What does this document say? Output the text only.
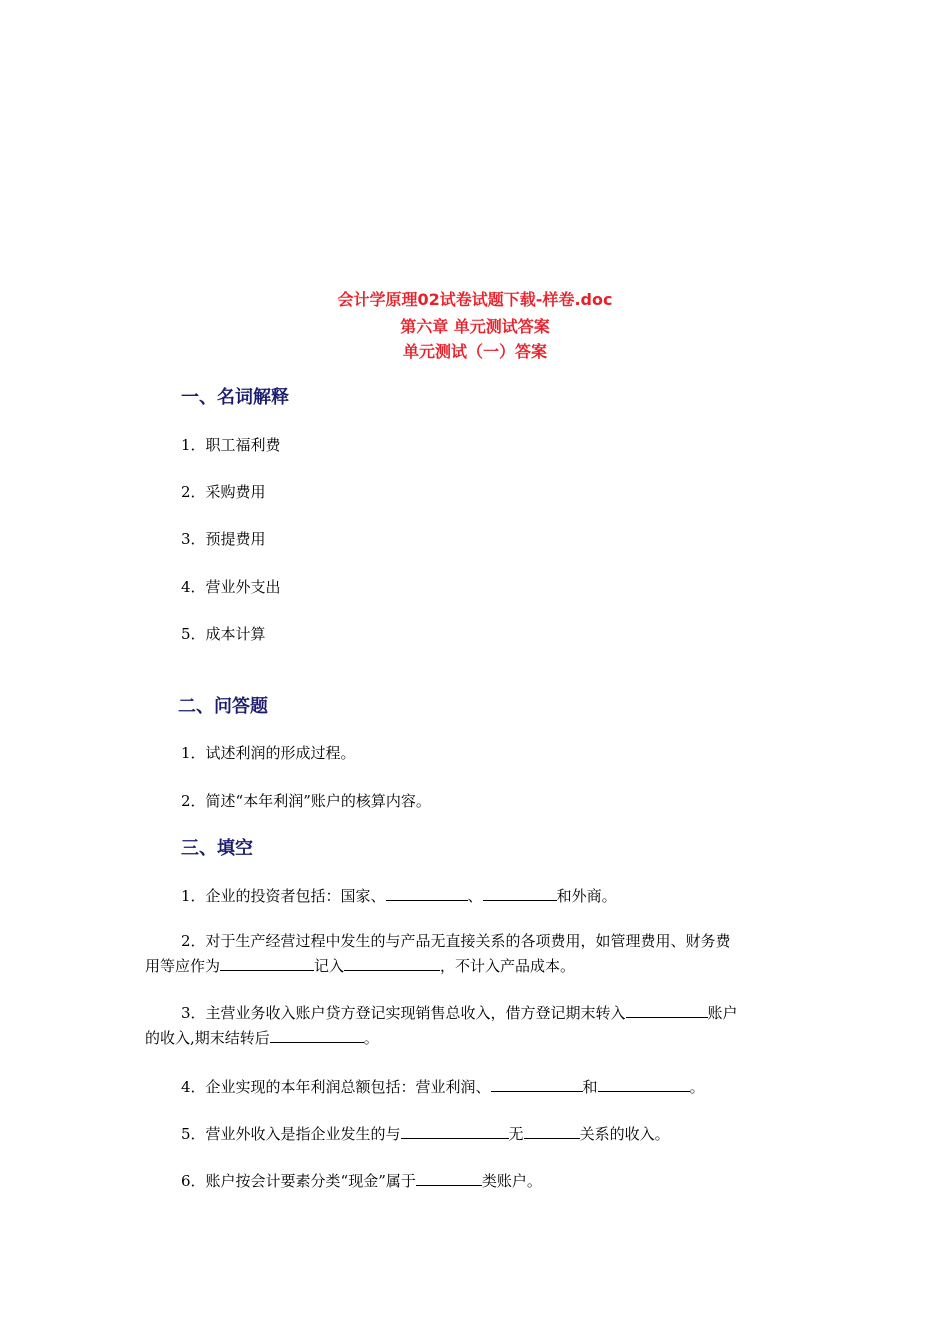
会计学原理02试卷试题下载-样卷.doc
第六章 单元测试答案
单元测试（一）答案
一、名词解释
1．职工福利费
2．采购费用
3．预提费用
4．营业外支出
5．成本计算
二、问答题
1．试述利润的形成过程。
2．简述“本年利润”账户的核算内容。
三、填空
1．企业的投资者包括：国家、	、	和外商。
2．对于生产经营过程中发生的与产品无直接关系的各项费用，如管理费用、财务费
用等应作为	记入	，不计入产品成本。
3．主营业务收入账户贷方登记实现销售总收入，借方登记期末转入	账户
的收入,期末结转后	。
4．企业实现的本年利润总额包括：营业利润、	和	。
5．营业外收入是指企业发生的与	无	关系的收入。
6．账户按会计要素分类“现金”属于	类账户。
